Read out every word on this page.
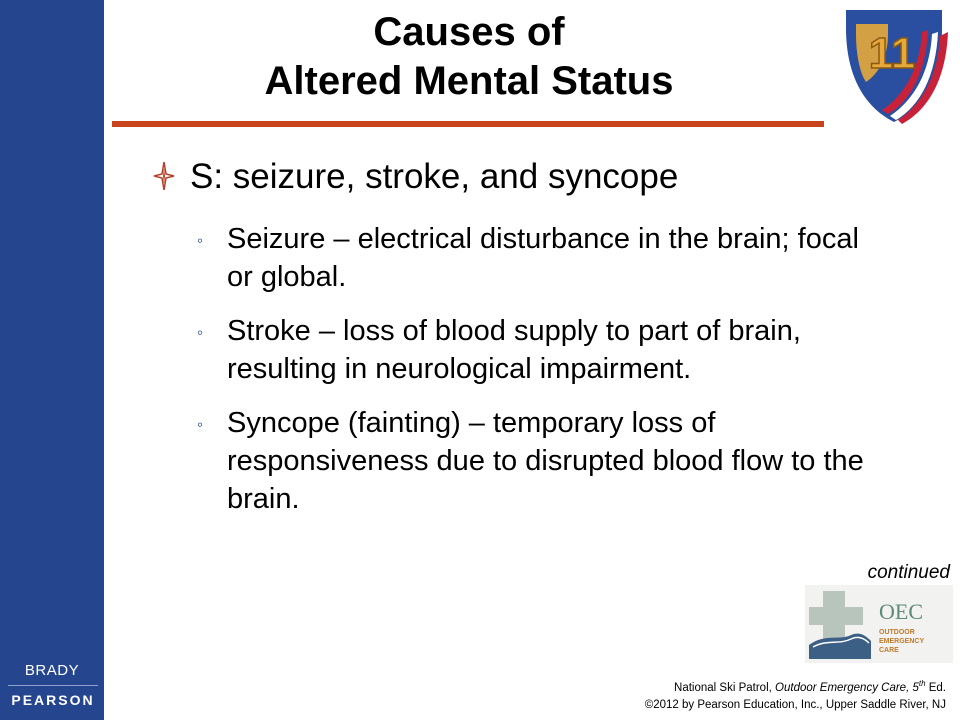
BRADY
PEARSON
Causes of
Altered Mental Status
11
S: seizure, stroke, and syncope
◦ Seizure – electrical disturbance in the brain; focal or global.
◦ Stroke – loss of blood supply to part of brain, resulting in neurological impairment.
◦ Syncope (fainting) – temporary loss of responsiveness due to disrupted blood flow to the brain.
continued
OEC
OUTDOOR
EMERGENCY
CARE
National Ski Patrol, Outdoor Emergency Care, 5th Ed.
©2012 by Pearson Education, Inc., Upper Saddle River, NJ
